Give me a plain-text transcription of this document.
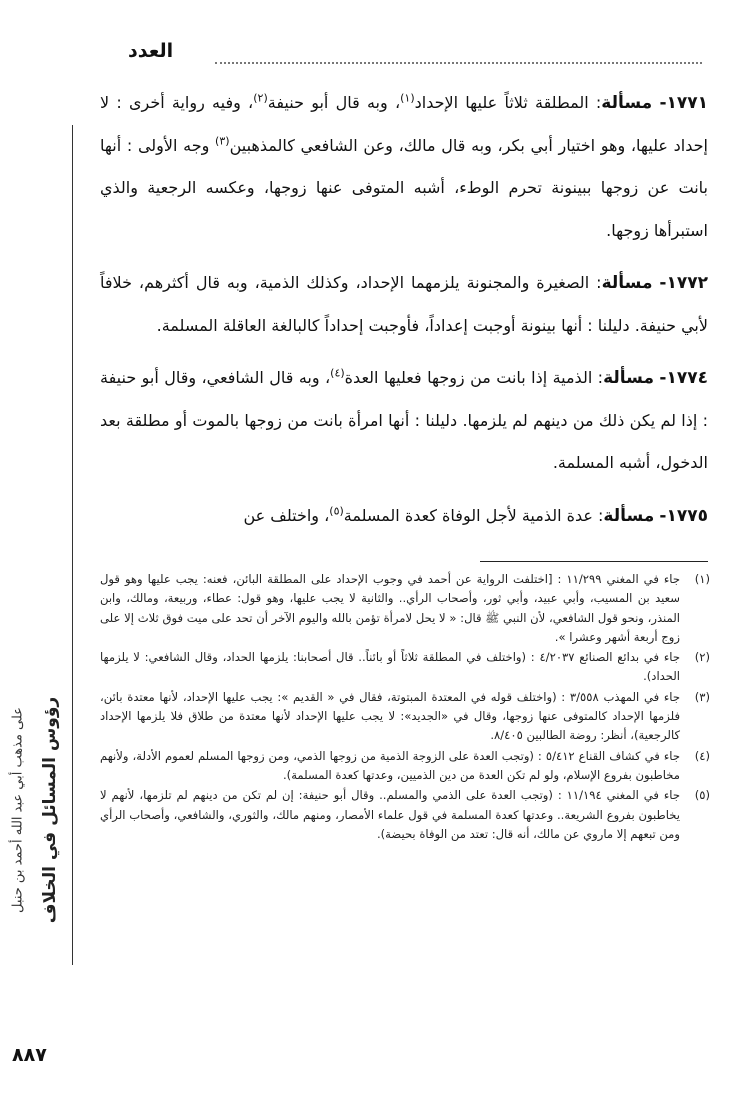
العدد
رؤوس المسائل في الخلاف
على مذهب أبي عبد الله أحمد بن حنبل

١٧٧١- مسألة: المطلقة ثلاثاً عليها الإحداد$^{(١)}$، وبه قال أبو حنيفة$^{(٢)}$، وفيه رواية أخرى : لا إحداد عليها، وهو اختيار أبي بكر، وبه قال مالك، وعن الشافعي كالمذهبين$^{(٣)}$ وجه الأولى : أنها بانت عن زوجها ببينونة تحرم الوطء، أشبه المتوفى عنها زوجها، وعكسه الرجعية والذي استبرأها زوجها.

١٧٧٢- مسألة: الصغيرة والمجنونة يلزمهما الإحداد، وكذلك الذمية، وبه قال أكثرهم، خلافاً لأبي حنيفة. دليلنا : أنها بينونة أوجبت إعداداً، فأوجبت إحداداً كالبالغة العاقلة المسلمة.

١٧٧٤- مسألة: الذمية إذا بانت من زوجها فعليها العدة$^{(٤)}$، وبه قال الشافعي، وقال أبو حنيفة : إذا لم يكن ذلك من دينهم لم يلزمها. دليلنا : أنها امرأة بانت من زوجها بالموت أو مطلقة بعد الدخول، أشبه المسلمة.

١٧٧٥- مسألة: عدة الذمية لأجل الوفاة كعدة المسلمة$^{(٥)}$، واختلف عن

(١)
جاء في المغني ١١/٢٩٩ : [اختلفت الرواية عن أحمد في وجوب الإحداد على المطلقة البائن، فعنه: يجب عليها وهو قول سعيد بن المسيب، وأبي عبيد، وأبي ثور، وأصحاب الرأي.. والثانية لا يجب عليها، وهو قول: عطاء، وربيعة، ومالك، وابن المنذر، ونحو قول الشافعي، لأن النبي ﷺ قال: « لا يحل لامرأة تؤمن بالله واليوم الآخر أن تحد على ميت فوق ثلاث إلا على زوج أربعة أشهر وعشرا ».

(٢)
جاء في بدائع الصنائع ٤/٢٠٣٧ : (واختلف في المطلقة ثلاثاً أو بائناً.. قال أصحابنا: يلزمها الحداد، وقال الشافعي: لا يلزمها الحداد).

(٣)
جاء في المهذب ٣/٥٥٨ : (واختلف قوله في المعتدة المبتوتة، فقال في « القديم »: يجب عليها الإحداد، لأنها معتدة بائن، فلزمها الإحداد كالمتوفى عنها زوجها، وقال في «الجديد»: لا يجب عليها الإحداد لأنها معتدة من طلاق فلا يلزمها الإحداد كالرجعية)، أنظر: روضة الطالبين ٨/٤٠٥.

(٤)
جاء في كشاف القناع ٥/٤١٢ : (وتجب العدة على الزوجة الذمية من زوجها الذمي، ومن زوجها المسلم لعموم الأدلة، ولأنهم مخاطبون بفروع الإسلام، ولو لم تكن العدة من دين الذميين، وعدتها كعدة المسلمة).

(٥)
جاء في المغني ١١/١٩٤ : (وتجب العدة على الذمي والمسلم.. وقال أبو حنيفة: إن لم تكن من دينهم لم تلزمها، لأنهم لا يخاطبون بفروع الشريعة.. وعدتها كعدة المسلمة في قول علماء الأمصار، ومنهم مالك، والثوري، والشافعي، وأصحاب الرأي ومن تبعهم إلا ماروي عن مالك، أنه قال: تعتد من الوفاة بحيضة).

٨٨٧
